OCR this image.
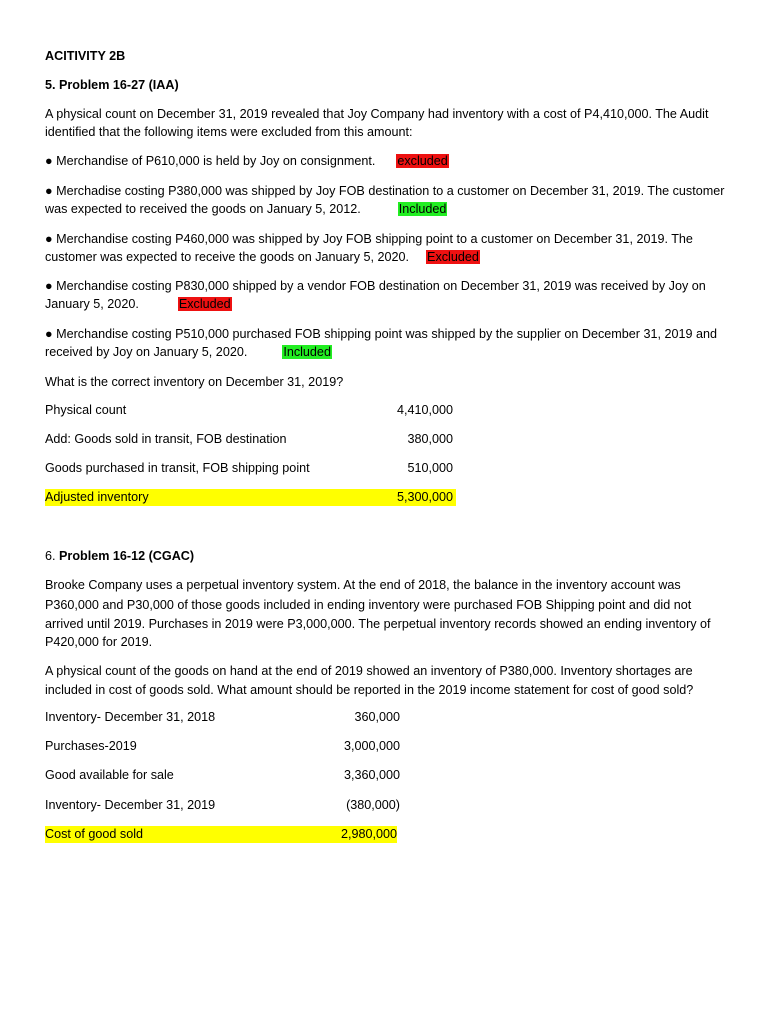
ACITIVITY 2B
5. Problem 16-27 (IAA)
A physical count on December 31, 2019 revealed that Joy Company had inventory with a cost of P4,410,000. The Audit
identified that the following items were excluded from this amount:
● Merchandise of P610,000 is held by Joy on consignment. excluded
● Merchadise costing P380,000 was shipped by Joy FOB destination to a customer on December 31, 2019. The customer
was expected to received the goods on January 5, 2012.	Included
● Merchandise costing P460,000 was shipped by Joy FOB shipping point to a customer on December 31, 2019. The
customer was expected to receive the goods on January 5, 2020. Excluded
● Merchandise costing P830,000 shipped by a vendor FOB destination on December 31, 2019 was received by Joy on
January 5, 2020.	Excluded
● Merchandise costing P510,000 purchased FOB shipping point was shipped by the supplier on December 31, 2019 and
received by Joy on January 5, 2020.	Included
What is the correct inventory on December 31, 2019?
Physical count	4,410,000
Add: Goods sold in transit, FOB destination	380,000
Goods purchased in transit, FOB shipping point	510,000
Adjusted inventory	5,300,000
6. Problem 16-12 (CGAC)
Brooke Company uses a perpetual inventory system. At the end of 2018, the balance in the inventory account was
P360,000 and P30,000 of those goods included in ending inventory were purchased FOB Shipping point and did not
arrived until 2019. Purchases in 2019 were P3,000,000. The perpetual inventory records showed an ending inventory of
P420,000 for 2019.
A physical count of the goods on hand at the end of 2019 showed an inventory of P380,000. Inventory shortages are
included in cost of goods sold. What amount should be reported in the 2019 income statement for cost of good sold?
Inventory- December 31, 2018	360,000
Purchases-2019	3,000,000
Good available for sale	3,360,000
Inventory- December 31, 2019	(380,000)
Cost of good sold	2,980,000
